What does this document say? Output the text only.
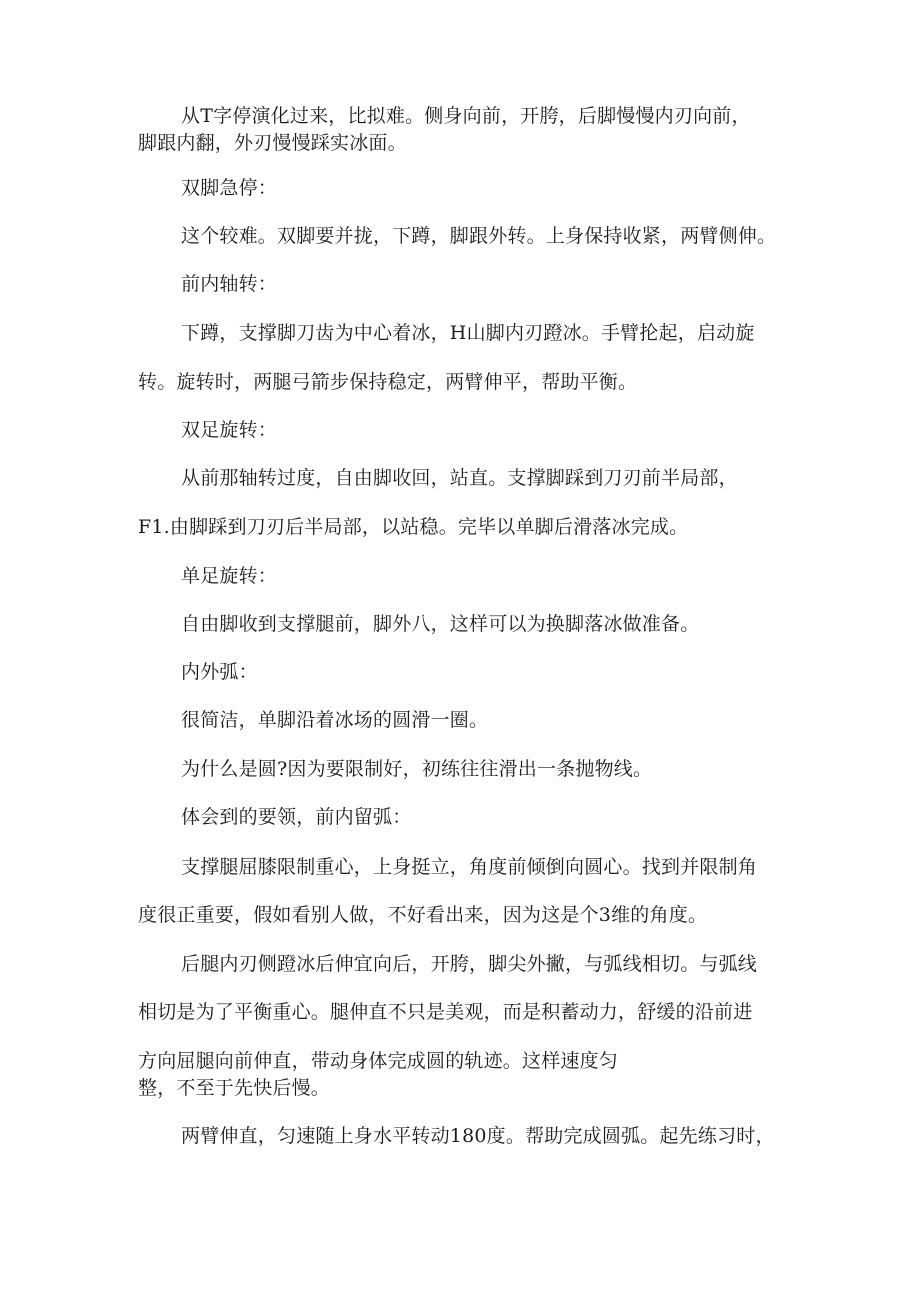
从T字停演化过来，比拟难。侧身向前，开胯，后脚慢慢内刃向前，
脚跟内翻，外刃慢慢踩实冰面。
双脚急停：
这个较难。双脚要并拢，下蹲，脚跟外转。上身保持收紧，两臂侧伸。
前内轴转：
下蹲，支撑脚刀齿为中心着冰，H山脚内刃蹬冰。手臂抡起，启动旋
转。旋转时，两腿弓箭步保持稳定，两臂伸平，帮助平衡。
双足旋转：
从前那轴转过度，自由脚收回，站直。支撑脚踩到刀刃前半局部，
F1.由脚踩到刀刃后半局部，以站稳。完毕以单脚后滑落冰完成。
单足旋转：
自由脚收到支撑腿前，脚外八，这样可以为换脚落冰做准备。
内外弧：
很简洁，单脚沿着冰场的圆滑一圈。
为什么是圆?因为要限制好，初练往往滑出一条抛物线。
体会到的要领，前内留弧：
支撑腿屈膝限制重心，上身挺立，角度前倾倒向圆心。找到并限制角
度很正重要，假如看别人做，不好看出来，因为这是个3维的角度。
后腿内刃侧蹬冰后伸宜向后，开胯，脚尖外撇，与弧线相切。与弧线
相切是为了平衡重心。腿伸直不只是美观，而是积蓄动力，舒缓的沿前进
方向屈腿向前伸直，带动身体完成圆的轨迹。这样速度匀
整，不至于先快后慢。
两臂伸直，匀速随上身水平转动180度。帮助完成圆弧。起先练习时，
